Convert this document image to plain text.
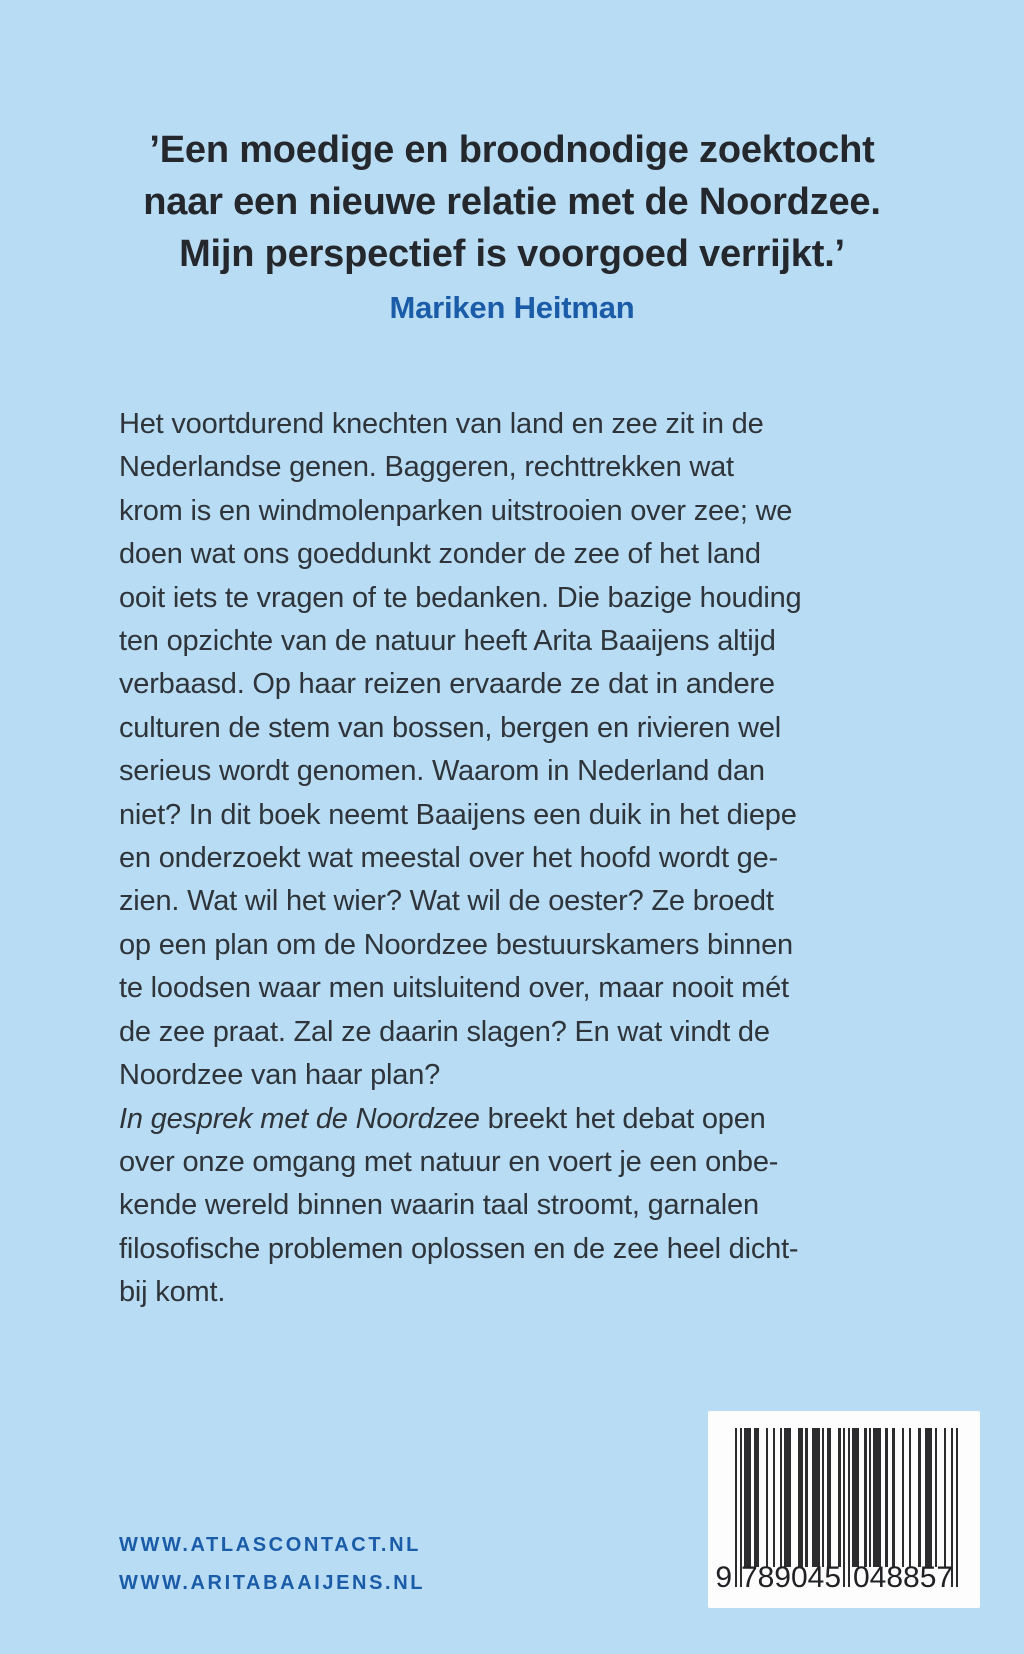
’Een moedige en broodnodige zoektocht
naar een nieuwe relatie met de Noordzee.
Mijn perspectief is voorgoed verrijkt.’
Mariken Heitman
Het voortdurend knechten van land en zee zit in de
Nederlandse genen. Baggeren, rechttrekken wat
krom is en windmolenparken uitstrooien over zee; we
doen wat ons goeddunkt zonder de zee of het land
ooit iets te vragen of te bedanken. Die bazige houding
ten opzichte van de natuur heeft Arita Baaijens altijd
verbaasd. Op haar reizen ervaarde ze dat in andere
culturen de stem van bossen, bergen en rivieren wel
serieus wordt genomen. Waarom in Nederland dan
niet? In dit boek neemt Baaijens een duik in het diepe
en onderzoekt wat meestal over het hoofd wordt ge-
zien. Wat wil het wier? Wat wil de oester? Ze broedt
op een plan om de Noordzee bestuurskamers binnen
te loodsen waar men uitsluitend over, maar nooit mét
de zee praat. Zal ze daarin slagen? En wat vindt de
Noordzee van haar plan?
In gesprek met de Noordzee breekt het debat open
over onze omgang met natuur en voert je een onbe-
kende wereld binnen waarin taal stroomt, garnalen
filosofische problemen oplossen en de zee heel dicht-
bij komt.
WWW.ATLASCONTACT.NL
WWW.ARITABAAIJENS.NL	9 789045 048857
